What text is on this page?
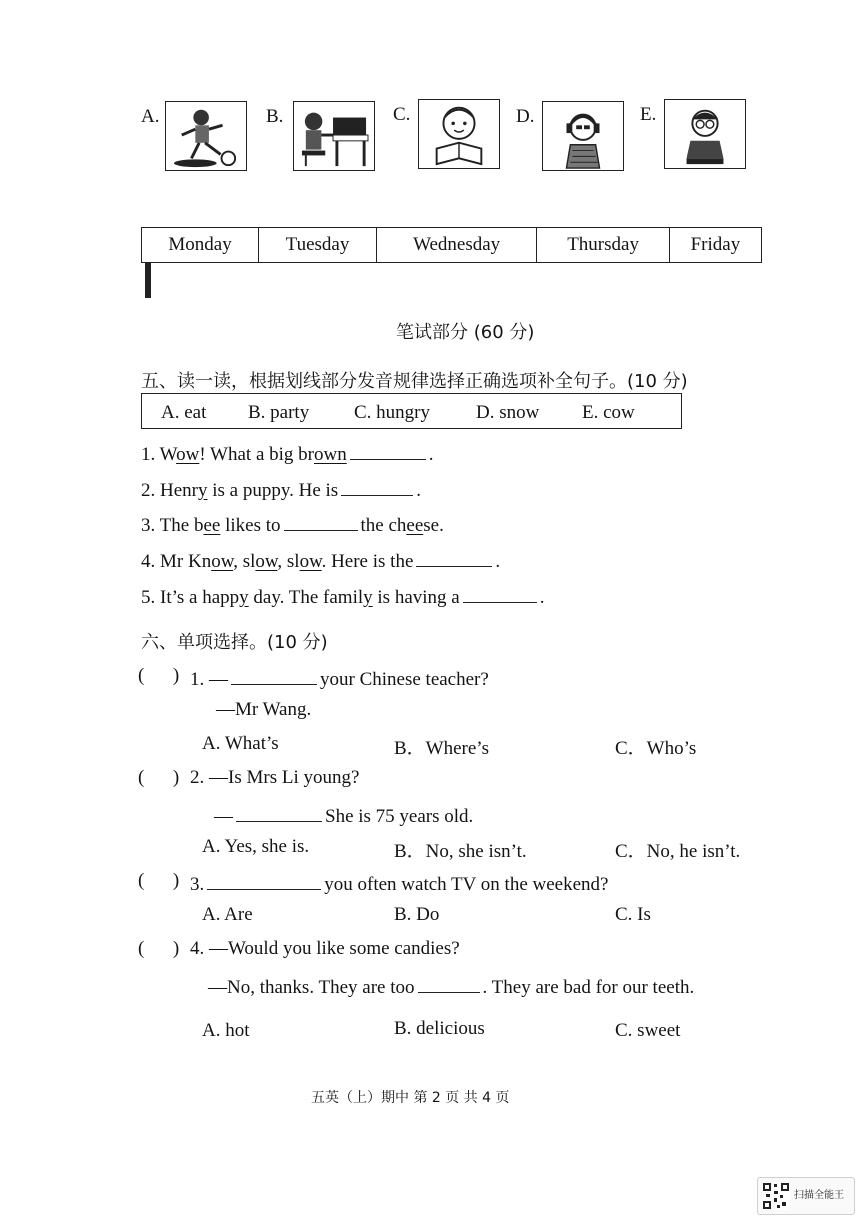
A.	B.	C.	D.	E.
Monday	Tuesday	Wednesday	Thursday	Friday

笔试部分 (60 分)
五、读一读，根据划线部分发音规律选择正确选项补全句子。(10 分)
A. eat B. party C. hungry D. snow E. cow
1. Wow! What a big brown	.
2. Henry is a puppy. He is	.
3. The bee likes to	the cheese.
4. Mr Know, slow, slow. Here is the	.
5. It’s a happy day. The family is having a	.
六、单项选择。(10 分)
(      ) 1. —	your Chinese teacher?
—Mr Wang.
A. What’s	B．Where’s	C．Who’s
(      ) 2. —Is Mrs Li young?
—	She is 75 years old.
A. Yes, she is.	B．No, she isn’t.	C．No, he isn’t.
(      ) 3.	you often watch TV on the weekend?
A. Are	B. Do	C. Is
(      ) 4. —Would you like some candies?
—No, thanks. They are too	. They are bad for our teeth.
A. hot	B. delicious	C. sweet
五英（上）期中 第 2 页 共 4 页
扫描全能王
